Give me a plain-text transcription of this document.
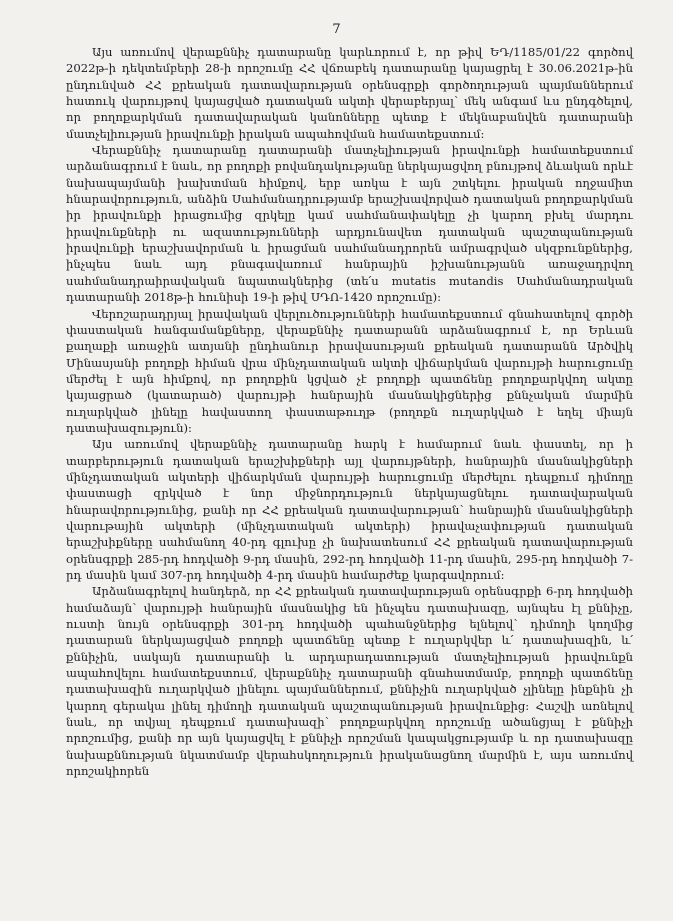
7

Այս առումով վերաքննիչ դատարանը կարևորում է, որ թիվ ԵԴ/1185/01/22 գործով 2022թ-ի դեկտեմբերի 28-ի որոշումը ՀՀ վճռաբեկ դատարանը կայացրել է 30.06.2021թ-ին ընդունված ՀՀ քրեական դատավարության օրենսգրքի գործողության պայմաններում հատուկ վարույթով կայացված դատական ակտի վերաբերյալ՝ մեկ անգամ ևս ընդգծելով, որ բողոքարկման դատավարական կանոնները պետք է մեկնաբանվեն դատարանի մատչելիության իրավունքի իրական ապահովման համատեքստում:

Վերաքննիչ դատարանը դատարանի մատչելիության իրավունքի համատեքստում արձանագրում է նաև, որ բողոքի բովանդակությանը ներկայացվող բնույթով ձևական որևէ նախապայմանի խախտման հիմքով, երբ առկա է այն շտկելու իրական ողջամիտ հնարավորություն, անձին Սահմանադրությամբ երաշխավորված դատական բողոքարկման իր իրավունքի իրացումից զրկելը կամ սահմանափակելը չի կարող բխել մարդու իրավունքների ու ազատությունների արդյունավետ դատական պաշտպանության իրավունքի երաշխավորման և իրացման սահմանադրորեն ամրագրված սկզբունքներից, ինչպես նաև այդ բնագավառում հանրային իշխանությանն առաջադրվող սահմանադրաիրավական նպատակներից (տե՛ս mutatis mutandis Սահմանադրական դատարանի 2018թ-ի հունիսի 19-ի թիվ ՍԴՈ-1420 որոշումը):

Վերոշարադրյալ իրավական վերլուծությունների համատեքստում գնահատելով գործի փաստական հանգամանքները, վերաքննիչ դատարանն արձանագրում է, որ Երևան քաղաքի առաջին ատյանի ընդհանուր իրավասության քրեական դատարանն Արծվիկ Մինասյանի բողոքի հիման վրա մինչդատական ակտի վիճարկման վարույթի հարուցումը մերժել է այն հիմքով, որ բողոքին կցված չէ բողոքի պատճենը բողոքարկվող ակտը կայացրած (կատարած) վարույթի հանրային մասնակիցներից քննչական մարմին ուղարկված լինելը հավաստող փաստաթուղթ (բողոքն ուղարկված է եղել միայն դատախազություն):

Այս առումով վերաքննիչ դատարանը հարկ է համարում նաև փաստել, որ ի տարբերություն դատական երաշխիքների այլ վարույթների, հանրային մասնակիցների մինչդատական ակտերի վիճարկման վարույթի հարուցումը մերժելու դեպքում դիմողը փաստացի զրկված է նոր միջնորդություն ներկայացնելու դատավարական հնարավորությունից, քանի որ ՀՀ քրեական դատավարության՝ հանրային մասնակիցների վարութային ակտերի (մինչդատական ակտերի) իրավաչափության դատական երաշխիքները սահմանող 40-րդ գլուխը չի նախատեսում ՀՀ քրեական դատավարության օրենսգրքի 285-րդ հոդվածի 9-րդ մասին, 292-րդ հոդվածի 11-րդ մասին, 295-րդ հոդվածի 7-րդ մասին կամ 307-րդ հոդվածի 4-րդ մասին համարժեք կարգավորում:

Արձանագրելով հանդերձ, որ ՀՀ քրեական դատավարության օրենսգրքի 6-րդ հոդվածի համաձայն՝ վարույթի հանրային մասնակից են ինչպես դատախազը, այնպես էլ քննիչը, ուստի նույն օրենսգրքի 301-րդ հոդվածի պահանջներից ելնելով՝ դիմողի կողմից դատարան ներկայացված բողոքի պատճենը պետք է ուղարկվեր և՛ դատախազին, և՛ քննիչին, սակայն դատարանի և արդարադատության մատչելիության իրավունքն ապահովելու համատեքստում, վերաքննիչ դատարանի գնահատմամբ, բողոքի պատճենը դատախազին ուղարկված լինելու պայմաններում, քննիչին ուղարկված չլինելը ինքնին չի կարող գերակա լինել դիմողի դատական պաշտպանության իրավունքից: Հաշվի առնելով նաև, որ տվյալ դեպքում դատախազի՝ բողոքարկվող որոշումը ածանցյալ է քննիչի որոշումից, քանի որ այն կայացվել է քննիչի որոշման կապակցությամբ և որ դատախազը նախաքննության նկատմամբ վերահսկողություն իրականացնող մարմին է, այս առումով որոշակիորեն
